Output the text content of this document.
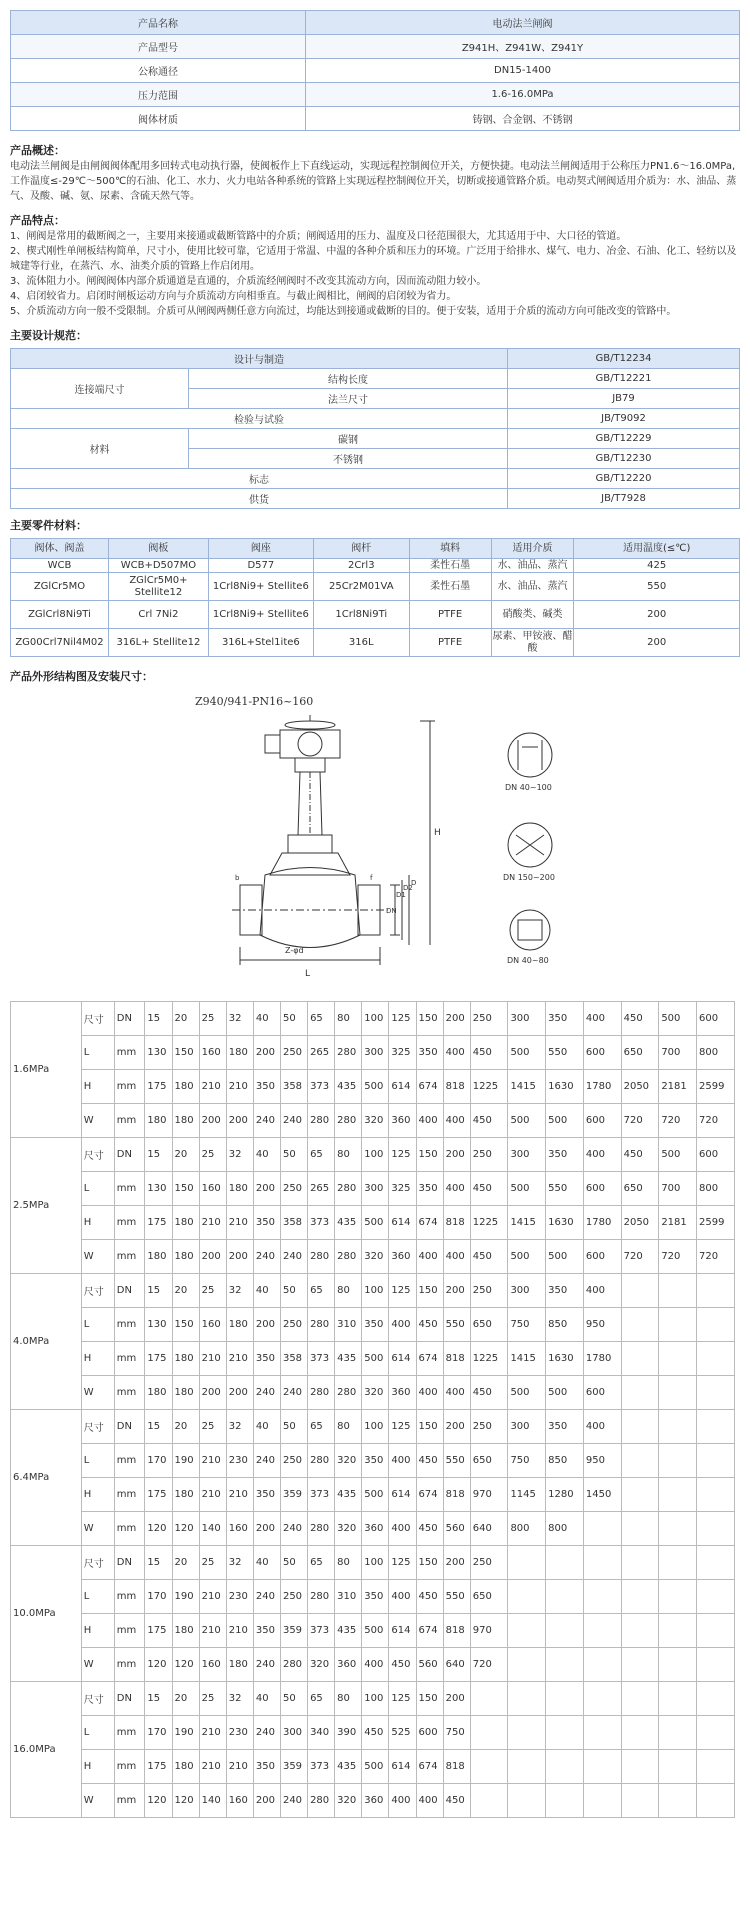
产品名称	电动法兰闸阀
产品型号	Z941H、Z941W、Z941Y
公称通径	DN15-1400
压力范围	1.6-16.0MPa
阀体材质	铸钢、合金钢、不锈钢
产品概述：
电动法兰闸阀是由闸阀阀体配用多回转式电动执行器，使阀板作上下直线运动，实现远程控制阀位开关，方便快捷。电动法兰闸阀适用于公称压力PN1.6～16.0MPa,工作温度≤-29℃～500℃的石油、化工、水力、火力电站各种系统的管路上实现远程控制阀位开关，切断或接通管路介质。电动契式闸阀适用介质为：水、油品、蒸气、及酸、碱、氨、尿素、含硫天然气等。
产品特点：
1、闸阀是常用的截断阀之一，主要用来接通或截断管路中的介质；闸阀适用的压力、温度及口径范围很大，尤其适用于中、大口径的管道。
2、楔式刚性单闸板结构简单，尺寸小，使用比较可靠，它适用于常温、中温的各种介质和压力的环境。广泛用于给排水、煤气、电力、冶金、石油、化工、轻纺以及城建等行业，在蒸汽、水、油类介质的管路上作启闭用。
3、流体阻力小。闸阀阀体内部介质通道是直通的，介质流经闸阀时不改变其流动方向，因而流动阻力较小。
4、启闭较省力。启闭时闸板运动方向与介质流动方向相垂直。与截止阀相比，闸阀的启闭较为省力。
5、介质流动方向一般不受限制。介质可从闸阀两侧任意方向流过，均能达到接通或截断的目的。便于安装，适用于介质的流动方向可能改变的管路中。
主要设计规范：
设计与制造		GB/T12234
连接端尺寸	结构长度	GB/T12221
	法兰尺寸	JB79
检验与试验		JB/T9092
材料	碳钢	GB/T12229
	不锈钢	GB/T12230
标志		GB/T12220
供货		JB/T7928
主要零件材料：
阀体、阀盖	阀板	阀座	阀杆	填料	适用介质	适用温度(≤℃)
WCB	WCB+D507MO	D577	2Crl3	柔性石墨	水、油品、蒸汽	425
ZGlCr5MO	ZGlCr5M0+ Stellite12	1Crl8Ni9+ Stellite6	25Cr2M01VA	柔性石墨	水、油品、蒸汽	550
ZGlCrl8Ni9Ti	Crl 7Ni2	1Crl8Ni9+ Stellite6	1Crl8Ni9Ti	PTFE	硝酸类、碱类	200
ZG00Crl7Nil4M02	316L+ Stellite12	316L+Stel1ite6	316L	PTFE	尿素、甲铵液、醋酸	200
产品外形结构图及安装尺寸：
Z940/941-PN16~160
H
L
Z-φd
DN
D1
D2
D
b	f
DN 40~100
DN 150~200
DN 40~80
1.6MPa	尺寸	DN	15	20	25	32	40	50	65	80	100	125	150	200	250	300	350	400	450	500	600
	L	mm	130	150	160	180	200	250	265	280	300	325	350	400	450	500	550	600	650	700	800
	H	mm	175	180	210	210	350	358	373	435	500	614	674	818	1225	1415	1630	1780	2050	2181	2599
	W	mm	180	180	200	200	240	240	280	280	320	360	400	400	450	500	500	600	720	720	720
2.5MPa	尺寸	DN	15	20	25	32	40	50	65	80	100	125	150	200	250	300	350	400	450	500	600
	L	mm	130	150	160	180	200	250	265	280	300	325	350	400	450	500	550	600	650	700	800
	H	mm	175	180	210	210	350	358	373	435	500	614	674	818	1225	1415	1630	1780	2050	2181	2599
	W	mm	180	180	200	200	240	240	280	280	320	360	400	400	450	500	500	600	720	720	720
4.0MPa	尺寸	DN	15	20	25	32	40	50	65	80	100	125	150	200	250	300	350	400			
	L	mm	130	150	160	180	200	250	280	310	350	400	450	550	650	750	850	950			
	H	mm	175	180	210	210	350	358	373	435	500	614	674	818	1225	1415	1630	1780			
	W	mm	180	180	200	200	240	240	280	280	320	360	400	400	450	500	500	600			
6.4MPa	尺寸	DN	15	20	25	32	40	50	65	80	100	125	150	200	250	300	350	400			
	L	mm	170	190	210	230	240	250	280	320	350	400	450	550	650	750	850	950			
	H	mm	175	180	210	210	350	359	373	435	500	614	674	818	970	1145	1280	1450			
	W	mm	120	120	140	160	200	240	280	320	360	400	450	560	640	800	800				
10.0MPa	尺寸	DN	15	20	25	32	40	50	65	80	100	125	150	200	250						
	L	mm	170	190	210	230	240	250	280	310	350	400	450	550	650						
	H	mm	175	180	210	210	350	359	373	435	500	614	674	818	970						
	W	mm	120	120	160	180	240	280	320	360	400	450	560	640	720						
16.0MPa	尺寸	DN	15	20	25	32	40	50	65	80	100	125	150	200							
	L	mm	170	190	210	230	240	300	340	390	450	525	600	750							
	H	mm	175	180	210	210	350	359	373	435	500	614	674	818							
	W	mm	120	120	140	160	200	240	280	320	360	400	400	450							
